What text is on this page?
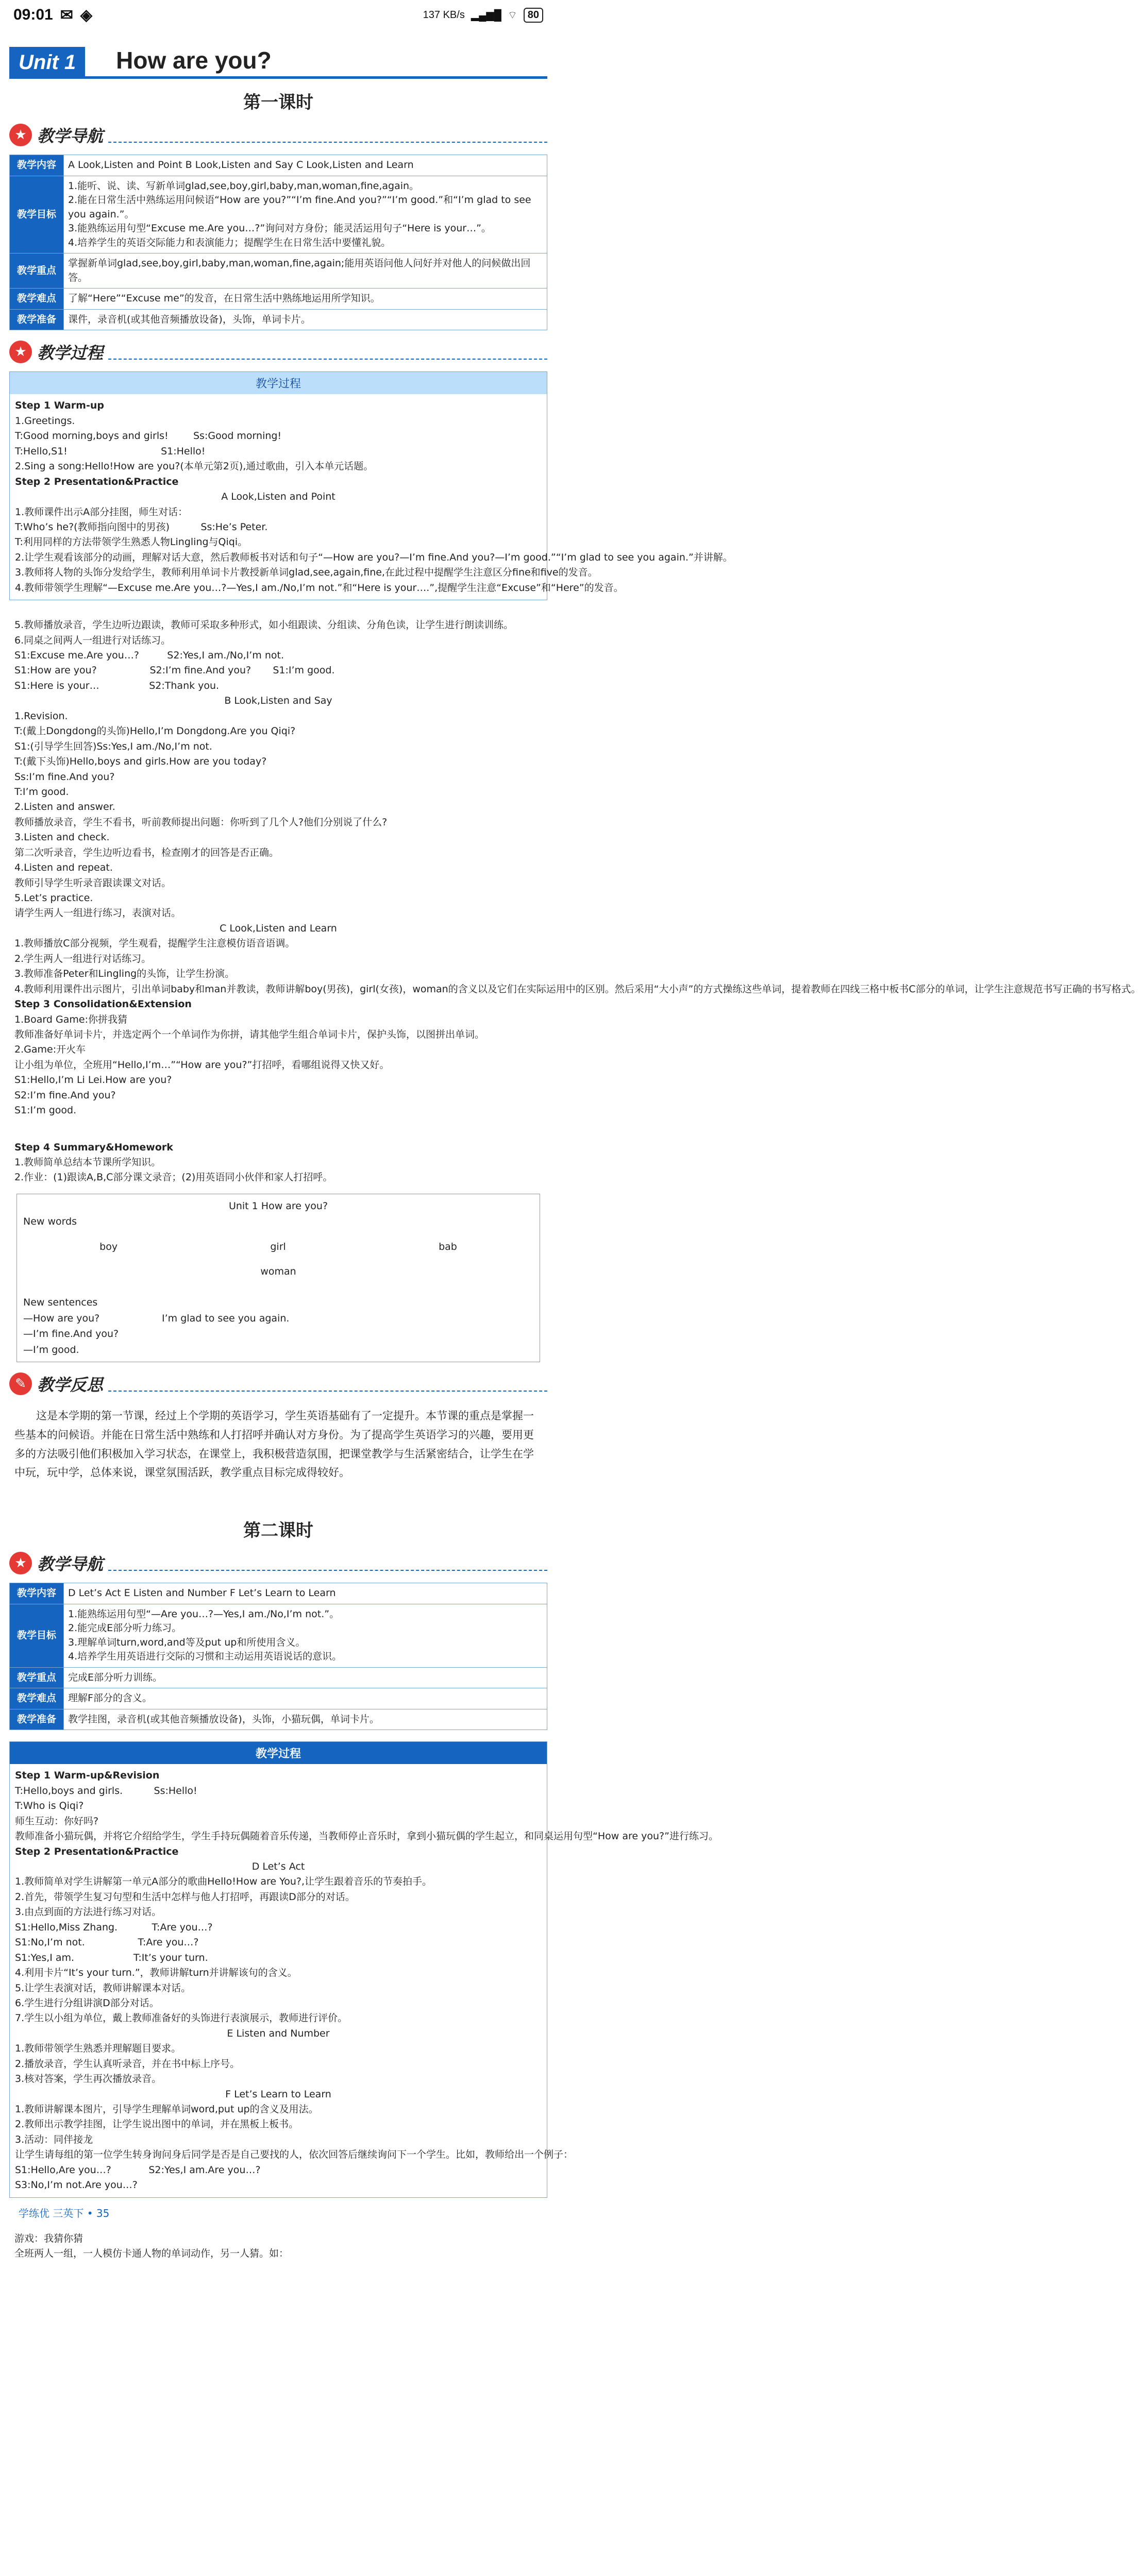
09:01 ✉ ◈	137 KB/s ▂▄▆█ ⌔	80
Unit 1	How are you?
第一课时
★ 教学导航
教学内容	A Look,Listen and Point B Look,Listen and Say C Look,Listen and Learn
教学目标	1.能听、说、读、写新单词glad,see,boy,girl,baby,man,woman,fine,again。
2.能在日常生活中熟练运用问候语“How are you?”“I’m fine.And you?”“I’m good.”和“I’m glad to see you again.”。
3.能熟练运用句型“Excuse me.Are you…?”询问对方身份；能灵活运用句子“Here is your…”。
4.培养学生的英语交际能力和表演能力；提醒学生在日常生活中要懂礼貌。
教学重点	掌握新单词glad,see,boy,girl,baby,man,woman,fine,again;能用英语问他人问好并对他人的问候做出回答。
教学难点	了解“Here”“Excuse me”的发音，在日常生活中熟练地运用所学知识。
教学准备	课件，录音机(或其他音频播放设备)，头饰，单词卡片。
★ 教学过程
教学过程

Step 1 Warm-up

1.Greetings.

T:Good morning,boys and girls!        Ss:Good morning!

T:Hello,S1!                              S1:Hello!

2.Sing a song:Hello!How are you?(本单元第2页),通过歌曲，引入本单元话题。

Step 2 Presentation&Practice

A Look,Listen and Point

1.教师课件出示A部分挂图，师生对话：

T:Who’s he?(教师指向图中的男孩)          Ss:He’s Peter.

T:利用同样的方法带领学生熟悉人物Lingling与Qiqi。

2.让学生观看该部分的动画，理解对话大意，然后教师板书对话和句子“—How are you?—I’m fine.And you?—I’m good.”“I’m glad to see you again.”并讲解。

3.教师将人物的头饰分发给学生，教师利用单词卡片教授新单词glad,see,again,fine,在此过程中提醒学生注意区分fine和five的发音。

4.教师带领学生理解“—Excuse me.Are you…?—Yes,I am./No,I’m not.”和“Here is your….”,提醒学生注意“Excuse”和“Here”的发音。

5.教师播放录音，学生边听边跟读，教师可采取多种形式，如小组跟读、分组读、分角色读，让学生进行朗读训练。

6.同桌之间两人一组进行对话练习。

S1:Excuse me.Are you…?         S2:Yes,I am./No,I’m not.

S1:How are you?                 S2:I’m fine.And you?       S1:I’m good.

S1:Here is your…                S2:Thank you.

B Look,Listen and Say

1.Revision.

T:(戴上Dongdong的头饰)Hello,I’m Dongdong.Are you Qiqi?

S1:(引导学生回答)Ss:Yes,I am./No,I’m not.

T:(戴下头饰)Hello,boys and girls.How are you today?

Ss:I’m fine.And you?

T:I’m good.

2.Listen and answer.

教师播放录音，学生不看书，听前教师提出问题：你听到了几个人?他们分别说了什么?

3.Listen and check.

第二次听录音，学生边听边看书，检查刚才的回答是否正确。

4.Listen and repeat.

教师引导学生听录音跟读课文对话。

5.Let’s practice.

请学生两人一组进行练习，表演对话。

C Look,Listen and Learn

1.教师播放C部分视频，学生观看，提醒学生注意模仿语音语调。

2.学生两人一组进行对话练习。

3.教师准备Peter和Lingling的头饰，让学生扮演。

4.教师利用课件出示图片，引出单词baby和man并教读，教师讲解boy(男孩)，girl(女孩)，woman的含义以及它们在实际运用中的区别。然后采用“大小声”的方式操练这些单词，提着教师在四线三格中板书C部分的单词，让学生注意规范书写正确的书写格式。

Step 3 Consolidation&Extension

1.Board Game:你拼我猜

教师准备好单词卡片，并选定两个一个单词作为你拼，请其他学生组合单词卡片，保护头饰，以图拼出单词。

2.Game:开火车

让小组为单位，全班用“Hello,I’m…”“How are you?”打招呼，看哪组说得又快又好。

S1:Hello,I’m Li Lei.How are you?

S2:I’m fine.And you?

S1:I’m good.

Step 4 Summary&Homework

1.教师简单总结本节课所学知识。

2.作业：(1)跟读A,B,C部分课文录音；(2)用英语同小伙伴和家人打招呼。

Unit 1 How are you?
New words
boy	girl	bab
woman
New sentences
—How are you?                    I’m glad to see you again.
—I’m fine.And you?
—I’m good.
✎ 教学反思
这是本学期的第一节课，经过上个学期的英语学习，学生英语基础有了一定提升。本节课的重点是掌握一些基本的问候语。并能在日常生活中熟练和人打招呼并确认对方身份。为了提高学生英语学习的兴趣，要用更多的方法吸引他们积极加入学习状态，在课堂上，我积极营造氛围，把课堂教学与生活紧密结合，让学生在学中玩，玩中学，总体来说，课堂氛围活跃，教学重点目标完成得较好。
第二课时
★ 教学导航
教学内容	D Let’s Act E Listen and Number F Let’s Learn to Learn
教学目标	1.能熟练运用句型“—Are you…?—Yes,I am./No,I’m not.”。
2.能完成E部分听力练习。
3.理解单词turn,word,and等及put up和所使用含义。
4.培养学生用英语进行交际的习惯和主动运用英语说话的意识。
教学重点	完成E部分听力训练。
教学难点	理解F部分的含义。
教学准备	教学挂图，录音机(或其他音频播放设备)，头饰，小猫玩偶，单词卡片。
教学过程

Step 1 Warm-up&Revision

T:Hello,boys and girls.          Ss:Hello!

T:Who is Qiqi?

师生互动：你好吗?

教师准备小猫玩偶，并将它介绍给学生，学生手持玩偶随着音乐传递，当教师停止音乐时，拿到小猫玩偶的学生起立，和同桌运用句型“How are you?”进行练习。

Step 2 Presentation&Practice

D Let’s Act

1.教师简单对学生讲解第一单元A部分的歌曲Hello!How are You?,让学生跟着音乐的节奏拍手。

2.首先，带领学生复习句型和生活中怎样与他人打招呼，再跟读D部分的对话。

3.由点到面的方法进行练习对话。

S1:Hello,Miss Zhang.           T:Are you…?

S1:No,I’m not.                 T:Are you…?

S1:Yes,I am.                   T:It’s your turn.

4.利用卡片“It’s your turn.”，教师讲解turn并讲解该句的含义。

5.让学生表演对话，教师讲解课本对话。

6.学生进行分组讲演D部分对话。

7.学生以小组为单位，戴上教师准备好的头饰进行表演展示，教师进行评价。

E Listen and Number

1.教师带领学生熟悉并理解题目要求。

2.播放录音，学生认真听录音，并在书中标上序号。

3.核对答案，学生再次播放录音。

F Let’s Learn to Learn

1.教师讲解课本图片，引导学生理解单词word,put up的含义及用法。

2.教师出示教学挂图，让学生说出图中的单词，并在黑板上板书。

3.活动：同伴接龙

让学生请每组的第一位学生转身询问身后同学是否是自己要找的人，依次回答后继续询问下一个学生。比如，教师给出一个例子：

S1:Hello,Are you…?            S2:Yes,I am.Are you…?

S3:No,I’m not.Are you…?

学练优 三英下 • 35

游戏：我猜你猜

全班两人一组，一人模仿卡通人物的单词动作，另一人猜。如：
